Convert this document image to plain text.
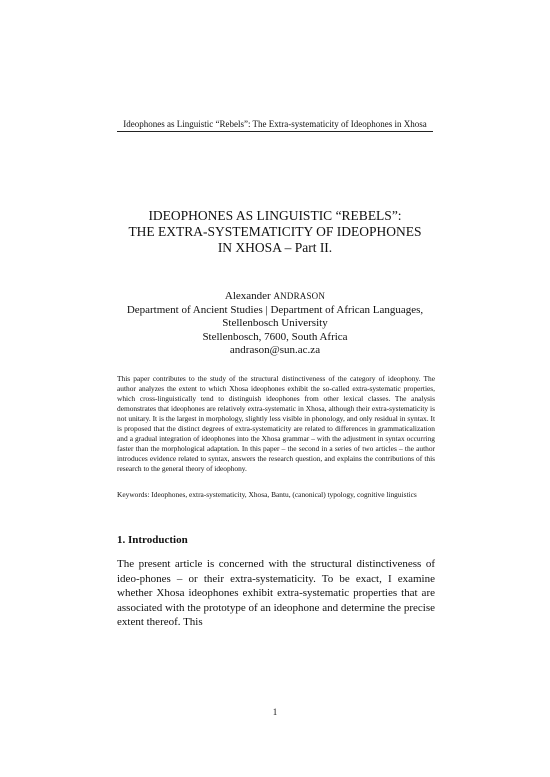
Ideophones as Linguistic “Rebels”: The Extra-systematicity of Ideophones in Xhosa
IDEOPHONES AS LINGUISTIC “REBELS”:
THE EXTRA-SYSTEMATICITY OF IDEOPHONES
IN XHOSA – Part II.
Alexander ANDRASON
Department of Ancient Studies | Department of African Languages,
Stellenbosch University
Stellenbosch, 7600, South Africa
andrason@sun.ac.za
This paper contributes to the study of the structural distinctiveness of the category of ideophony. The author analyzes the extent to which Xhosa ideophones exhibit the so-called extra-systematic properties, which cross-linguistically tend to distinguish ideophones from other lexical classes. The analysis demonstrates that ideophones are relatively extra-systematic in Xhosa, although their extra-systematicity is not unitary. It is the largest in morphology, slightly less visible in phonology, and only residual in syntax. It is proposed that the distinct degrees of extra-systematicity are related to differences in grammaticalization and a gradual integration of ideophones into the Xhosa grammar – with the adjustment in syntax occurring faster than the morphological adaptation. In this paper – the second in a series of two articles – the author introduces evidence related to syntax, answers the research question, and explains the contributions of this research to the general theory of ideophony.
Keywords: Ideophones, extra-systematicity, Xhosa, Bantu, (canonical) typology, cognitive linguistics
1. Introduction
The present article is concerned with the structural distinctiveness of ideo-phones – or their extra-systematicity. To be exact, I examine whether Xhosa ideophones exhibit extra-systematic properties that are associated with the prototype of an ideophone and determine the precise extent thereof. This
1
